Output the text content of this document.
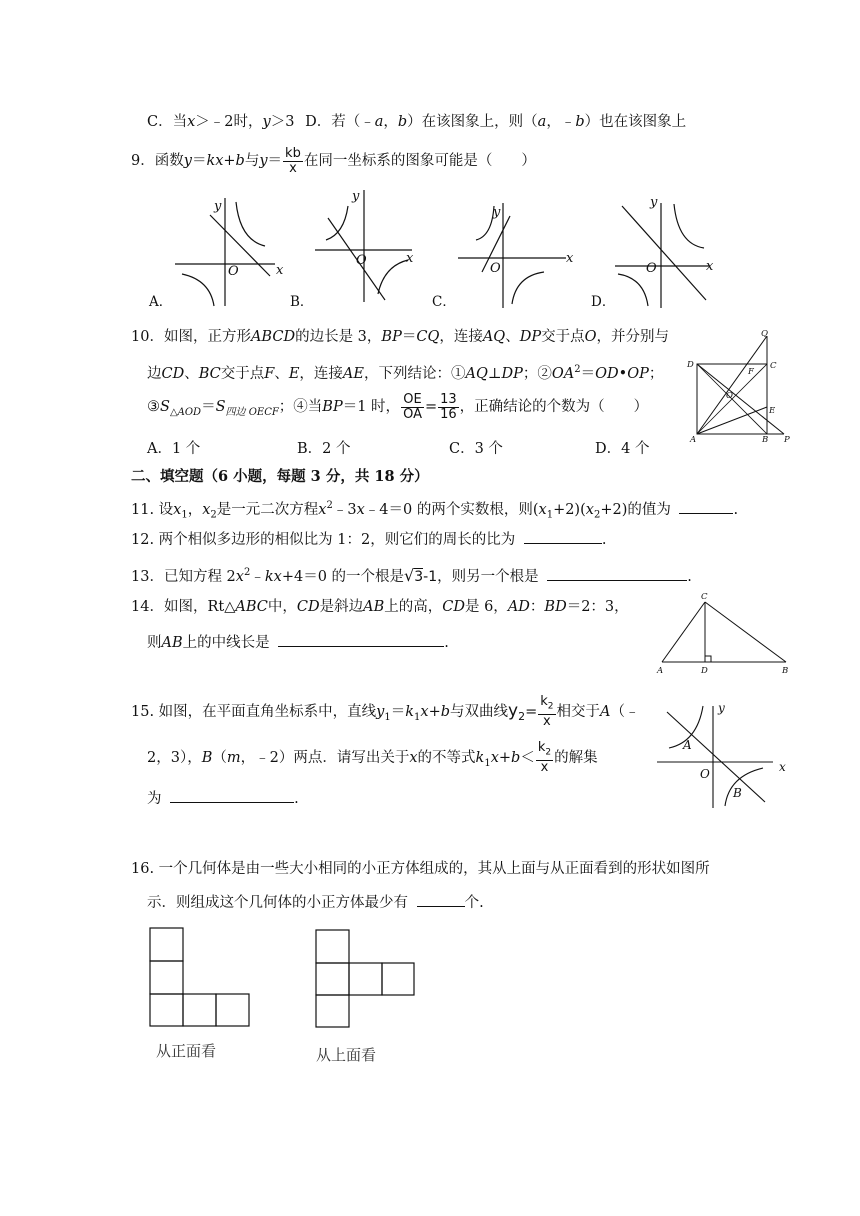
C．当x＞﹣2时，y＞3 D．若（﹣a，b）在该图象上，则（a，﹣b）也在该图象上
9．函数y＝kx+b与$y= \frac{kb}{x}$ 在同一坐标系的图象可能是（　　）
x
y
O
x
y
O	x
y
O	x
y
O
A．	B．	C．	D．
10．如图，正方形ABCD的边长是 3，BP＝CQ，连接AQ、DP交于点O，并分别与
边CD、BC交于点F、E，连接AE，下列结论：①AQ⊥DP；$②OA^2=OD•OP$；
$③S_{\triangle AOD}=S_{四边 OECF}$；④当BP＝1 时， $\frac{OE}{OA} = \frac{13}{16}$ ，正确结论的个数为（　　）
A．1 个	B．2 个	C．3 个	D．4 个
Q
D	C
F
O
E
A	B P
二、填空题（6 小题，每题 3 分，共 18 分）
11. 设$x_1$，$x_2$是一元二次方程$x^2﹣3x﹣4=0$ 的两个实数根，则$(x_1+2)(x_2+2)$的值为	.
12. 两个相似多边形的相似比为 1：2，则它们的周长的比为	.
13．已知方程 $2x^2﹣kx+4=0$ 的一个根是√3-1，则另一个根是	.
14．如图，Rt△ABC中，CD是斜边AB上的高，CD是 6，AD：BD＝2：3，
则AB上的中线长是	.
C
A	D	B
15. 如图，在平面直角坐标系中，直线$y_1=k_1x+b$与双曲线$y_2= \frac{k_2}{x}$ 相交于A（﹣
2，3），B（m，﹣2）两点．请写出关于x的不等式$k_1x+b< \frac{k_2}{x}$ 的解集
为	.
y
x
O
A
B
16. 一个几何体是由一些大小相同的小正方体组成的，其从上面与从正面看到的形状如图所
示．则组成这个几何体的小正方体最少有	个.
从正面看	从上面看
